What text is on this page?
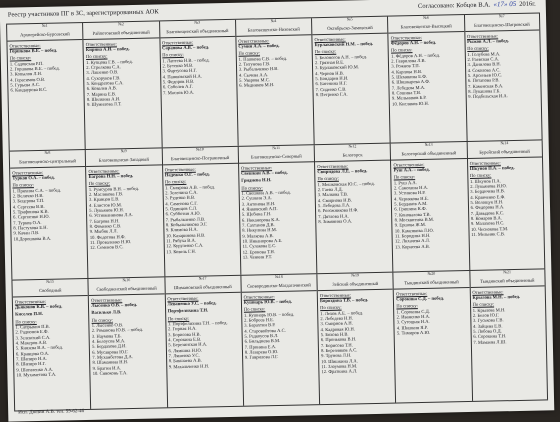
Реестр участников ПГ в ЗС, зарегистрированных АОК
Согласовано: Кобцов В.А. «17» 05 2016г.
№1
Архиерейско-Бурсевский
Ответственные:
Горшкова В.Е. – побед.
По списку:
1. Садовская Р.П.
2. Горшкова В.Е. – побед.
3. Копылов Л.Н.
4. Герасимов О.В.
5. Гурьева А.С.
6. Кандаурова В.С.
№2
Райпотовский объединенный
Ответственные:
Кирина А.И. – побед.
По списку:
1. Купцова Г.В. – побед.
2. Стрелкова С.А.
3. Лашенко О.В.
4. Сухоруков Г.В.
5. Кондратова С.А.
6. Ковалев А.В.
7. Марина Е.В.
8. Шилкина А.И.
9. Шумилова Л.Т.
№3
Благовещенский объединенный
Ответственные:
Сарапова А.В. – побед.
По списку:
1. Лаптева Н.В. – побед.
2. Бутенко М.В.
3. Фартусова Н.Г.
4. Пашковский Н.А.
5. Федоров Н.В.
6. Соболев А.Г.
7. Маслов Ю.А.
№4
Благовещенско-Низовский
Ответственные:
Сумин А.А. – побед.
По списку:
1. Пашкова С.В. – побед.
2. Титунова Г.В.
3. Рыбальченко Н.В.
4. Сычева А.А.
5. Уварова М.С.
6. Медников М.Н.
№5
Октябрьско-Зимовский
Ответственные:
Бурлаковский Н.М. – побед.
По списку:
1. Белоногов А.Н. – побед.
2. Грязная В.Е.
3. Бурлаковский Ю.М.
4. Чернов Н.В.
5. Бондарев Н.И.
6. Батенина Н.Г.
7. Сиденко С.В.
8. Петренко Г.А.
№6
Благовещенско-Высоцкий
Ответственные:
Фёдоров А.Н. – побед.
По списку:
1. Фёдоров А.Н. – побед.
2. Гаврилова Л.В.
3. Рожнов Т.П.
4. Карпова Н.В.
5. Шемякина Е.Ф.
6. Шишкарева А.Ф.
7. Лебедева М.А.
8. Сошина Т.В.
9. Мельников Б.Р.
10. Кисляков Ю.Н.
№7
Благовещенско-Шатровский
Ответственные:
Рыжов А.Л. – побед.
По списку:
1. Голубева М.А.
2. Раевская С.А.
3. Данилова В.Н.
4. Соколова А.С.
5. Арсеньев Ю.С.
6. Потапова Р.В.
7. Каменская В.А.
8. Лукашова Г.Б.
9. Подбельская И.А.
№8
Благовещенско-центральный
Ответственные:
Турков О.А. – побед.
По списку:
1. Пряхина С.А. – побед.
2. Величко Н.В.
3. Бецерова Т.П.
4. Сергеева В.В.
5. Трифонова К.В.
6. Сергиенко Н.Ю.
7. Турков О.А.
8. Пастухова Е.Н.
9. Качан Л.В.
10.Дорошкова В.А.
№9
Благовещенско-Западный
Ответственные:
Багрова Н.Н. – побед.
По списку:
1. Румсуров В.Н. – побед.
2. Маслякова Г.В.
3. Кравцов Е.В.
4. Елистов Ю.М.
5. Лукьянов Ю.Н.
6. Устюжанинова Л.А.
7. Багрова Н.Н.
8. Фоменко С.В.
9. Мыбяк Л.Л.
10. Федотова Н.Ф.
11. Проваленко Н.Ю.
12. Семенов В.С.
№10
Благовещенско-Пограничный
Ответственные:
Надежко О.Г. – побед.
По списку:
1. Склярова А.В. – побед.
2. Зеленина С.А.
3. Руденко В.В.
4. Саменова С.Г.
5. Одинцов С.Л.
6. Субботин А.Ю.
7. Рыбальченко Л.В.
8. Кобыльникова Э.Г.
9. Климова Н.А.
10. Казаринова Н.В.
11. Рябуха В.А.
12. Куруленко С.А.
13. Ковель Г.Н.
№11
Благовещенско-Северный
Ответственные:
Свешкин А.В. – побед.
Гриднева Н.Н.
По списку:
1. Свешкин А.В. – побед.
2. Сушкин Э.А.
3. Антонова Н.Н.
4. Янковский А.П.
5. Щебина Г.Н.
6. Никанорова К.А.
7. Сахтанов Д.В.
8. Никулина Н.М.
9. Малкова А.В.
10. Никанорова А.Е.
11. Сулакова Е.С.
12. Еронова Т.Н.
13. Ченкин Р.Т.
№12
Белогорск
Ответственные:
Свиридова Л.Е. – побед.
По списку:
1. Мешковская Ю.С. – побед.
2. Гаева Л.Д.
3. Малкова Т.В.
4. Смирнова Н.В.
5. Лебедева Л.А.
6. Рогожникова Н.Ф.
7. Дятлова Н.А.
8. Зимянина О.А.
№13
Белогорский объединенный
Ответственные:
Руш А.А. – побед.
По списку:
1. Руш А.А.
2. Самохина Н.А.
3. Устинова Н.Р.
4. Чернякова Н.Е.
5. Бердаков А.М.
6. Гришина К.Ф.
7. Коновалова Т.В.
8. Москвитина В.М.
9. Ершова Ж.М.
10. Каменкова Л.Ю.
11. Бородина Н.Н.
12. Лихачева А.Л.
13. Корнеева А.В.
№14
Бурейский объединенный
Ответственные:
Шкунов П.А. – побед.
По списку:
1. Шкунов П.А.
2. Лукьянова И.Ю.
3. Бердичева Н.В.
4. Кравченко Е.Ф.
5. Волощук Н.Н.
6. Федорова Н.А.
7. Давыдова К.С.
8. Комаров В.А.
9. Малахова Н.С.
10. Чеснокова Т.М.
11. Мельник С.В.
№15
Свободный
Ответственные:
Дьяконов К.В. – побед.
Киселев П.Н.
По списку:
1. Сапрыкин П.В.
2. Радионов Е.Ф.
3. Зеленский С.А.
4. Макеров А.В.
5. Князева В.А. – побед.
6. Кравцова О.А.
7. Шапиро Н.А.
8. Шапиро Н.Г.
9. Шатиленко А.А.
10. Мухаметова Т.А.
№16
Свободненский объединенный
Ответственные:
Лысенко О.В. – побед.
Василько Л.В.
По списку:
1. Лысенко О.В.
2. Романова Ю.В. – побед.
3. Наумова Т.Б.
4. Белоусов М.А.
5. Бердахова Д.И.
6. Мусаврова Ю.Г.
7. Мухамбетова Д.А.
8. Шаманина Н.Н.
9. Брагин И.А.
10. Сивоконь Т.А.
№17
Шимановский объединенный
Ответственные:
Леваненко У.С. – побед.
Портфелихина Т.Н.
По списку:
1. Портфелихина Т.Н. – побед.
2. Гирная Н.А.
3. Борисова Н.В.
4. Сорокина Е.В.
5. Березинская Н.А.
6. Лямкина Н.Ю.
7. Ляшенко У.С.
8. Бакшаева А.В.
9. Махальченко Н.Н.
№18
Сковородинско-Магдагачинский
Ответственные:
Кушнарь Ю.В. – побед.
По списку:
1. Кушнарь Ю.В. – побед.
2. Бобреев Н.Е.
3. Барахтин В.Р.
4. Старовойтова А.С.
5. Редкоусов В.Л.
6. Бильдиева В.М.
7. Пронина Е.А.
8. Лазарева О.Ю.
9. Гаврилова Л.Г.
№19
Зейский объединенный
Ответственные:
Бороздина Т.В. – побед.
По списку:
1. Лехов А.Е. – побед.
2. Лебедева Н.Н.
3. Смирнов А.Н.
4. Кадровая Ю.Н.
5. Бохова Н.В.
6. Пронькова В.Н.
7. Борисова Т.Н.
8. Березняков А.С.
9. Трунева Л.Н.
10. Шишкина Л.А.
11. Злоумова Н.М.
12. Фраткина А.Л.
№20
Тындинский объединенный
Ответственные:
Сорокина С.Д. – побед.
По списку:
1. Сорокина С.Д.
2. Иваненко Н.А.
3. Сутоцкая Н.А.
4. Шишкин Я.Р.
5. Тимиров А.Ю.
№21
Тындинский объединенный
Ответственные:
Крылова М.Н. – побед.
По списку:
1. Крылова М.Н.
2. Белов Ю.Г.
3. Гуськова Г.В.
4. Зайцева Е.В.
5. Лобова О.Д.
6. Сорокина Т.Н.
7. Мамаева Л.Ш.
Исп. Дюнин А.В. тел. 59-62-46
